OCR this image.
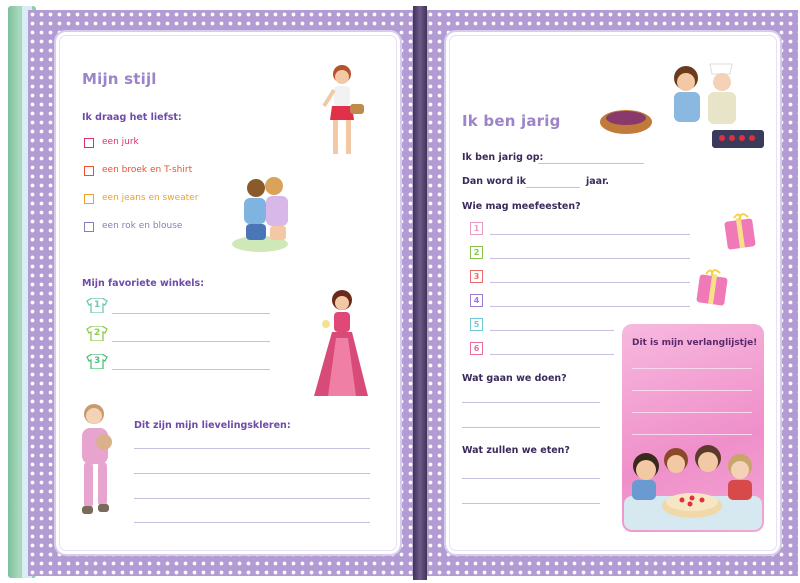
Mijn stijl
Ik draag het liefst:
een jurk
een broek en T-shirt
een jeans en sweater
een rok en blouse
Mijn favoriete winkels:
1
2
3
Dit zijn mijn lievelingskleren:
Ik ben jarig
Ik ben jarig op:
Dan word ik	jaar.
Wie mag meefeesten?
1
2
3
4
5
6
Wat gaan we doen?
Wat zullen we eten?
Dit is mijn verlanglijstje!
